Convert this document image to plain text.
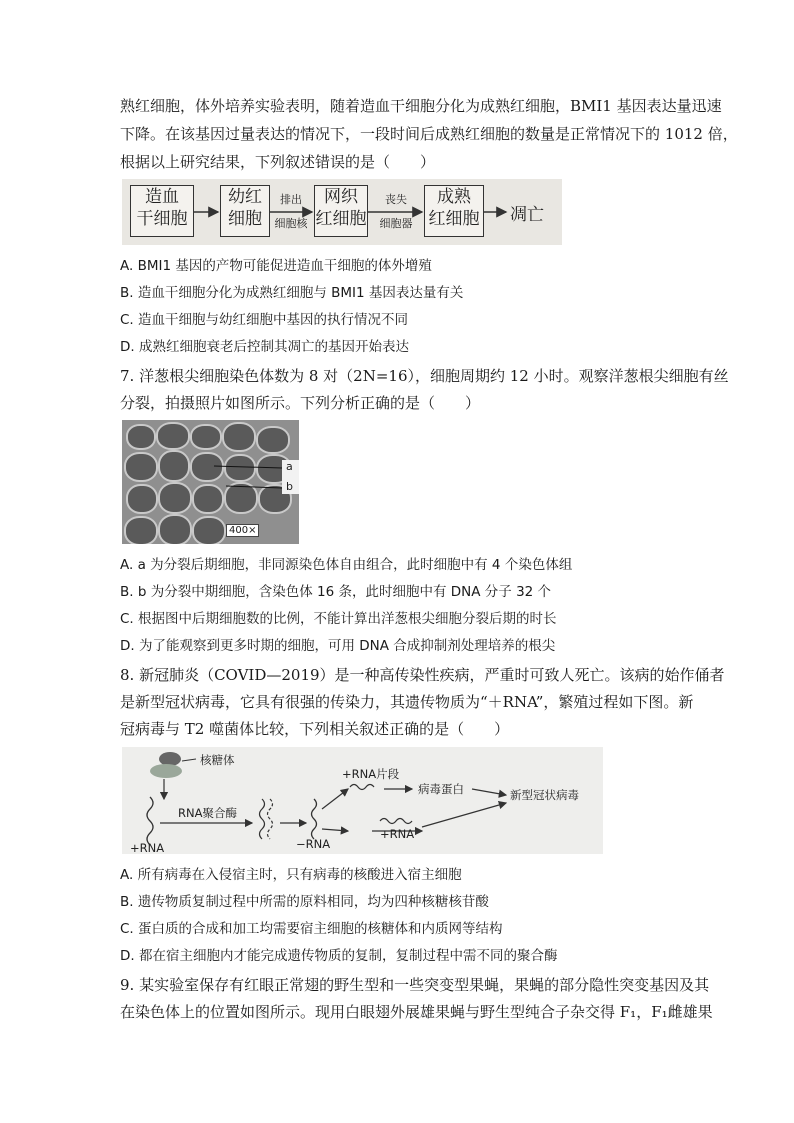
熟红细胞，体外培养实验表明，随着造血干细胞分化为成熟红细胞，BMI1 基因表达量迅速
下降。在该基因过量表达的情况下，一段时间后成熟红细胞的数量是正常情况下的 1012 倍，
根据以上研究结果，下列叙述错误的是（　　）
造血
干细胞
幼红
细胞
排出
细胞核
网织
红细胞
丧失
细胞器
成熟
红细胞 凋亡
A. BMI1 基因的产物可能促进造血干细胞的体外增殖
B. 造血干细胞分化为成熟红细胞与 BMI1 基因表达量有关
C. 造血干细胞与幼红细胞中基因的执行情况不同
D. 成熟红细胞衰老后控制其凋亡的基因开始表达
7. 洋葱根尖细胞染色体数为 8 对（2N=16），细胞周期约 12 小时。观察洋葱根尖细胞有丝
分裂，拍摄照片如图所示。下列分析正确的是（　　）
a
b
400×
A. a 为分裂后期细胞，非同源染色体自由组合，此时细胞中有 4 个染色体组
B. b 为分裂中期细胞，含染色体 16 条，此时细胞中有 DNA 分子 32 个
C. 根据图中后期细胞数的比例，不能计算出洋葱根尖细胞分裂后期的时长
D. 为了能观察到更多时期的细胞，可用 DNA 合成抑制剂处理培养的根尖
8. 新冠肺炎（COVID—2019）是一种高传染性疾病，严重时可致人死亡。该病的始作俑者
是新型冠状病毒，它具有很强的传染力，其遗传物质为“＋RNA”，繁殖过程如下图。新
冠病毒与 T2 噬菌体比较，下列相关叙述正确的是（　　）
核糖体
RNA聚合酶
+RNA	−RNA
+RNA片段
病毒蛋白
+RNA
新型冠状病毒
A. 所有病毒在入侵宿主时，只有病毒的核酸进入宿主细胞
B. 遗传物质复制过程中所需的原料相同，均为四种核糖核苷酸
C. 蛋白质的合成和加工均需要宿主细胞的核糖体和内质网等结构
D. 都在宿主细胞内才能完成遗传物质的复制，复制过程中需不同的聚合酶
9. 某实验室保存有红眼正常翅的野生型和一些突变型果蝇，果蝇的部分隐性突变基因及其
在染色体上的位置如图所示。现用白眼翅外展雄果蝇与野生型纯合子杂交得 F₁，F₁雌雄果
